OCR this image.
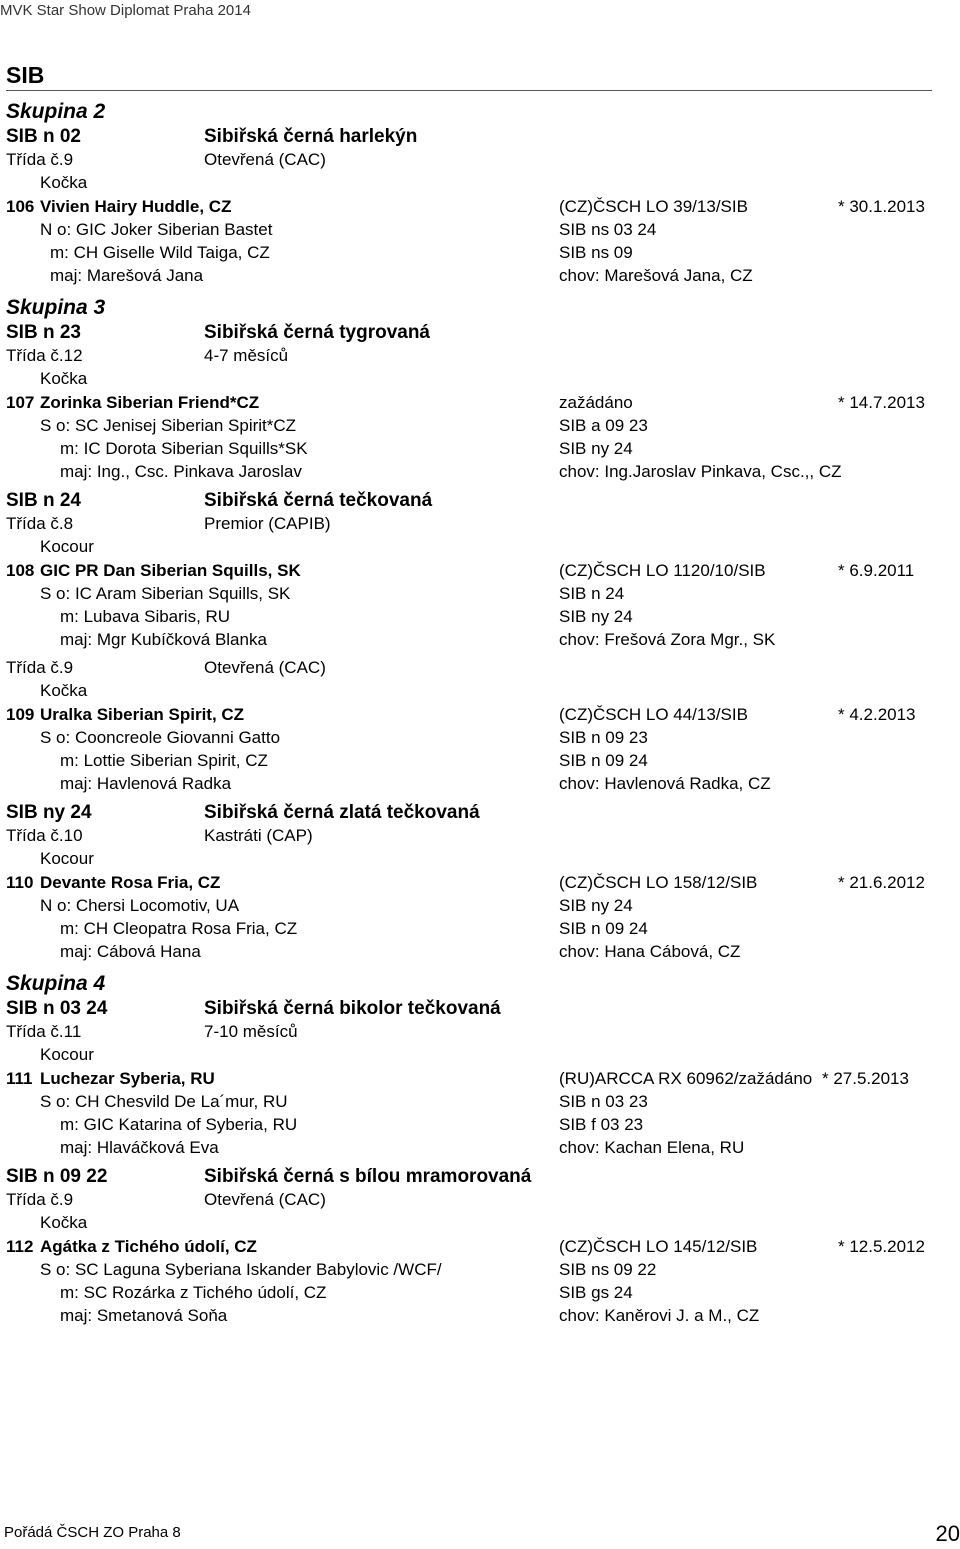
MVK Star Show Diplomat Praha 2014
SIB
Skupina 2
SIB n 02	Sibiřská černá harlekýn
Třída č.9	Otevřená (CAC)
Kočka
106 Vivien Hairy Huddle, CZ	(CZ)ČSCH LO 39/13/SIB	* 30.1.2013
N o: GIC Joker Siberian Bastet	SIB ns 03 24
m: CH Giselle Wild Taiga, CZ	SIB ns 09
maj: Marešová Jana	chov: Marešová Jana, CZ
Skupina 3
SIB n 23	Sibiřská černá tygrovaná
Třída č.12	4-7 měsíců
Kočka
107 Zorinka Siberian Friend*CZ	zažádáno	* 14.7.2013
S o: SC Jenisej Siberian Spirit*CZ	SIB a 09 23
m: IC Dorota Siberian Squills*SK	SIB ny 24
maj: Ing., Csc. Pinkava Jaroslav	chov: Ing.Jaroslav Pinkava, Csc.,, CZ
SIB n 24	Sibiřská černá tečkovaná
Třída č.8	Premior (CAPIB)
Kocour
108 GIC PR Dan Siberian Squills, SK	(CZ)ČSCH LO 1120/10/SIB	* 6.9.2011
S o: IC Aram Siberian Squills, SK	SIB n 24
m: Lubava Sibaris, RU	SIB ny 24
maj: Mgr Kubíčková Blanka	chov: Frešová Zora Mgr., SK
Třída č.9	Otevřená (CAC)
Kočka
109 Uralka Siberian Spirit, CZ	(CZ)ČSCH LO 44/13/SIB	* 4.2.2013
S o: Cooncreole Giovanni Gatto	SIB n 09 23
m: Lottie Siberian Spirit, CZ	SIB n 09 24
maj: Havlenová Radka	chov: Havlenová Radka, CZ
SIB ny 24	Sibiřská černá zlatá tečkovaná
Třída č.10	Kastráti (CAP)
Kocour
110 Devante Rosa Fria, CZ	(CZ)ČSCH LO 158/12/SIB	* 21.6.2012
N o: Chersi Locomotiv, UA	SIB ny 24
m: CH Cleopatra Rosa Fria, CZ	SIB n 09 24
maj: Cábová Hana	chov: Hana Cábová, CZ
Skupina 4
SIB n 03 24	Sibiřská černá bikolor tečkovaná
Třída č.11	7-10 měsíců
Kocour
111 Luchezar Syberia, RU	(RU)ARCCA RX 60962/zažádáno * 27.5.2013
S o: CH Chesvild De La´mur, RU	SIB n 03 23
m: GIC Katarina of Syberia, RU	SIB f 03 23
maj: Hlaváčková Eva	chov: Kachan Elena, RU
SIB n 09 22	Sibiřská černá s bílou mramorovaná
Třída č.9	Otevřená (CAC)
Kočka
112 Agátka z Tichého údolí, CZ	(CZ)ČSCH LO 145/12/SIB	* 12.5.2012
S o: SC Laguna Syberiana Iskander Babylovic /WCF/	SIB ns 09 22
m: SC Rozárka z Tichého údolí, CZ	SIB gs 24
maj: Smetanová Soňa	chov: Kaněrovi J. a M., CZ
Pořádá ČSCH ZO Praha 8	20
